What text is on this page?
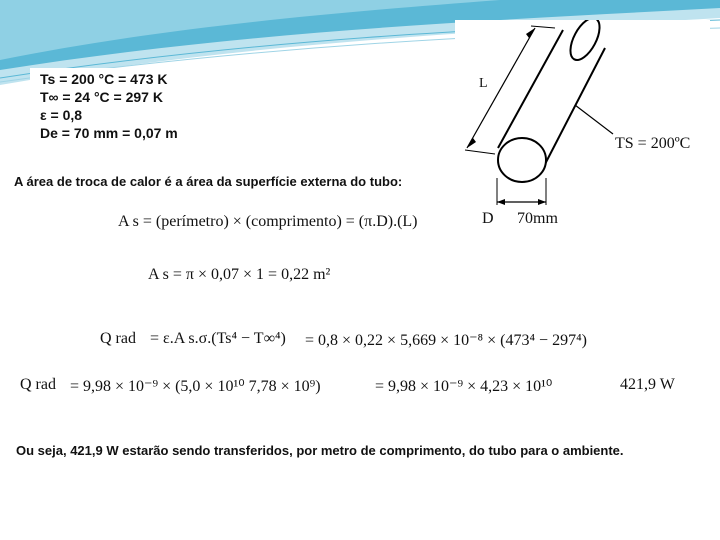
Ts = 200 °C = 473 K
T∞ = 24 °C = 297 K
ε = 0,8
De = 70 mm = 0,07 m
A área de troca de calor é a área da superfície externa do tubo:
A s = (perímetro) × (comprimento) = (π.D).(L)
A s = π × 0,07 × 1 = 0,22 m²
Q rad = ε.A s.σ.(Ts⁴ − T∞⁴) = 0,8 × 0,22 × 5,669 × 10⁻⁸ × (473⁴ − 297⁴)
Q rad = 9,98 × 10⁻⁹ × (5,0 × 10¹⁰ 7,78 × 10⁹)	= 9,98 × 10⁻⁹ × 4,23 × 10¹⁰	421,9 W
Ou seja, 421,9 W estarão sendo transferidos, por metro de comprimento, do tubo para o ambiente.
L
TS = 200ºC
D 70mm
